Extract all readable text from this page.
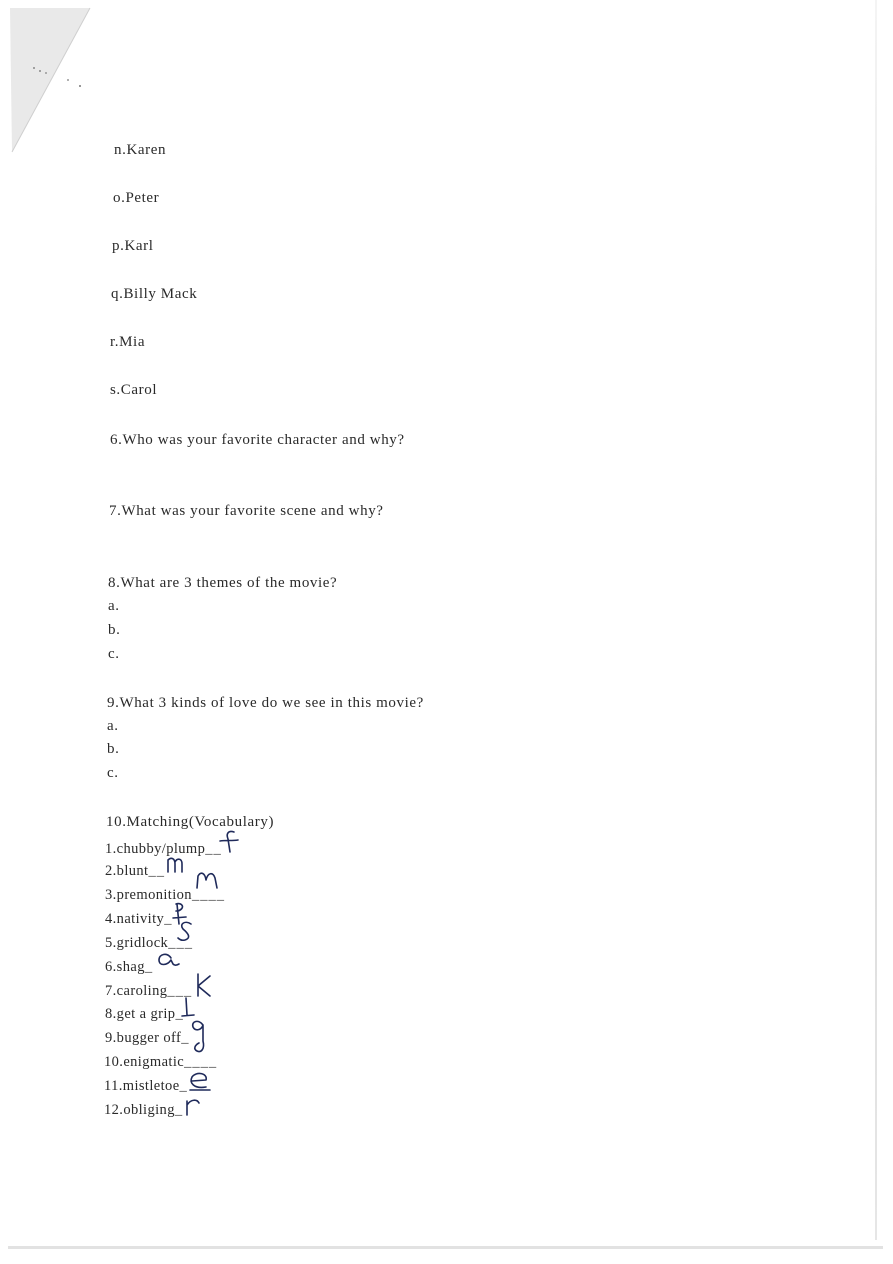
n.Karen
o.Peter
p.Karl
q.Billy Mack
r.Mia
s.Carol
6.Who was your favorite character and why?
7.What was your favorite scene and why?
8.What are 3 themes of the movie?
a.
b.
c.
9.What 3 kinds of love do we see in this movie?
a.
b.
c.
10.Matching(Vocabulary)
1.chubby/plump__
2.blunt__
3.premonition____
4.nativity_
5.gridlock___
6.shag_
7.caroling___
8.get a grip_
9.bugger off_
10.enigmatic____
11.mistletoe_
12.obliging_
